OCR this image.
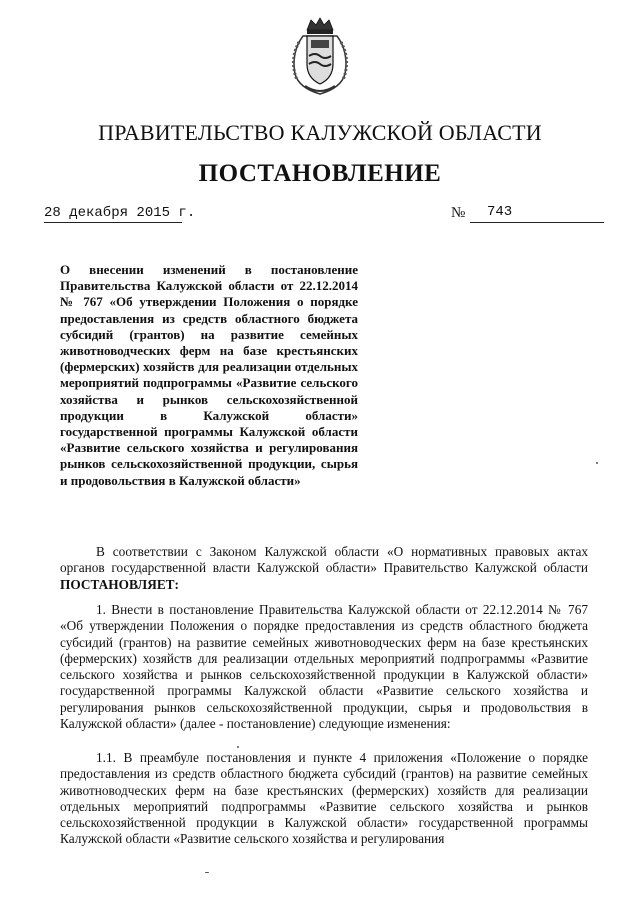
ПРАВИТЕЛЬСТВО КАЛУЖСКОЙ ОБЛАСТИ
ПОСТАНОВЛЕНИЕ
28 декабря 2015 г.	№ 743

О внесении изменений в постановление Правительства Калужской области от 22.12.2014 № 767 «Об утверждении Положения о порядке предоставления из средств областного бюджета субсидий (грантов) на развитие семейных животноводческих ферм на базе крестьянских (фермерских) хозяйств для реализации отдельных мероприятий подпрограммы «Развитие сельского хозяйства и рынков сельскохозяйственной продукции в Калужской области» государственной программы Калужской области «Развитие сельского хозяйства и регулирования рынков сельскохозяйственной продукции, сырья и продовольствия в Калужской области»

В соответствии с Законом Калужской области «О нормативных правовых актах органов государственной власти Калужской области» Правительство Калужской области ПОСТАНОВЛЯЕТ:

1. Внести в постановление Правительства Калужской области от 22.12.2014 № 767 «Об утверждении Положения о порядке предоставления из средств областного бюджета субсидий (грантов) на развитие семейных животноводческих ферм на базе крестьянских (фермерских) хозяйств для реализации отдельных мероприятий подпрограммы «Развитие сельского хозяйства и рынков сельскохозяйственной продукции в Калужской области» государственной программы Калужской области «Развитие сельского хозяйства и регулирования рынков сельскохозяйственной продукции, сырья и продовольствия в Калужской области» (далее - постановление) следующие изменения:

1.1. В преамбуле постановления и пункте 4 приложения «Положение о порядке предоставления из средств областного бюджета субсидий (грантов) на развитие семейных животноводческих ферм на базе крестьянских (фермерских) хозяйств для реализации отдельных мероприятий подпрограммы «Развитие сельского хозяйства и рынков сельскохозяйственной продукции в Калужской области» государственной программы Калужской области «Развитие сельского хозяйства и регулирования
